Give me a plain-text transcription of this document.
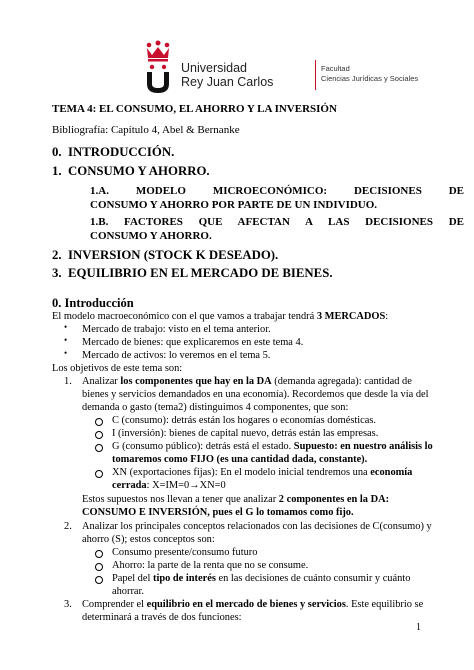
Universidad
Rey Juan Carlos
Facultad
Ciencias Jurídicas y Sociales
TEMA 4: EL CONSUMO, EL AHORRO Y LA INVERSIÓN
Bibliografía: Capítulo 4, Abel & Bernanke
0. INTRODUCCIÓN.
1. CONSUMO Y AHORRO.
1.A. MODELO MICROECONÓMICO: DECISIONES DE
CONSUMO Y AHORRO POR PARTE DE UN INDIVIDUO.
1.B. FACTORES QUE AFECTAN A LAS DECISIONES DE
CONSUMO Y AHORRO.
2. INVERSION (STOCK K DESEADO).
3. EQUILIBRIO EN EL MERCADO DE BIENES.
0. Introducción
El modelo macroeconómico con el que vamos a trabajar tendrá 3 MERCADOS:
• Mercado de trabajo: visto en el tema anterior.
• Mercado de bienes: que explicaremos en este tema 4.
• Mercado de activos: lo veremos en el tema 5.
Los objetivos de este tema son:
1. Analizar los componentes que hay en la DA (demanda agregada): cantidad de
bienes y servicios demandados en una economía). Recordemos que desde la vía del
demanda o gasto (tema2) distinguimos 4 componentes, que son:
C (consumo): detrás están los hogares o economías domésticas.
I (inversión): bienes de capital nuevo, detrás están las empresas.
G (consumo público): detrás está el estado. Supuesto: en nuestro análisis lo
tomaremos como FIJO (es una cantidad dada, constante).
XN (exportaciones fijas): En el modelo inicial tendremos una economía
cerrada: X=IM=0→XN=0
Estos supuestos nos llevan a tener que analizar 2 componentes en la DA:
CONSUMO E INVERSIÓN, pues el G lo tomamos como fijo.
2. Analizar los principales conceptos relacionados con las decisiones de C(consumo) y
ahorro (S); estos conceptos son:
Consumo presente/consumo futuro
Ahorro: la parte de la renta que no se consume.
Papel del tipo de interés en las decisiones de cuánto consumir y cuánto
ahorrar.
3. Comprender el equilibrio en el mercado de bienes y servicios. Este equilibrio se
determinará a través de dos funciones:
1
